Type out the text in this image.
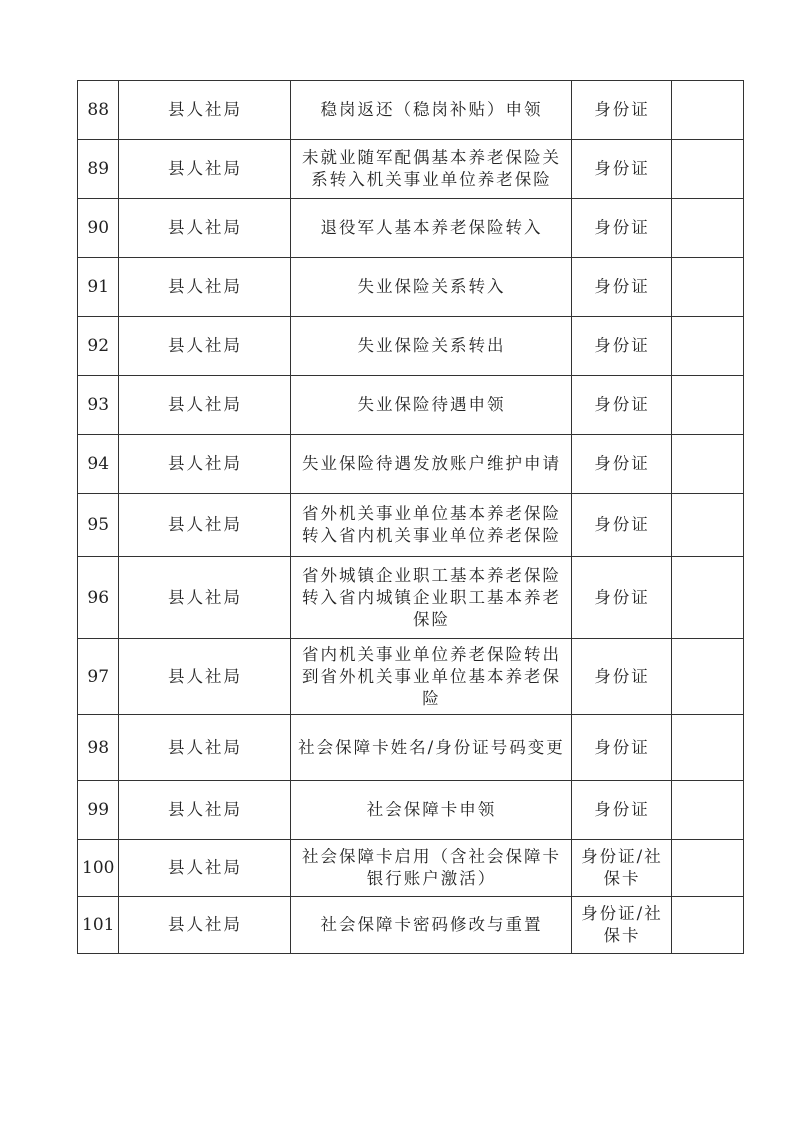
88	县人社局	稳岗返还（稳岗补贴）申领	身份证	
89	县人社局	未就业随军配偶基本养老保险关系转入机关事业单位养老保险	身份证	
90	县人社局	退役军人基本养老保险转入	身份证	
91	县人社局	失业保险关系转入	身份证	
92	县人社局	失业保险关系转出	身份证	
93	县人社局	失业保险待遇申领	身份证	
94	县人社局	失业保险待遇发放账户维护申请	身份证	
95	县人社局	省外机关事业单位基本养老保险转入省内机关事业单位养老保险	身份证	
96	县人社局	省外城镇企业职工基本养老保险转入省内城镇企业职工基本养老保险	身份证	
97	县人社局	省内机关事业单位养老保险转出到省外机关事业单位基本养老保险	身份证	
98	县人社局	社会保障卡姓名/身份证号码变更	身份证	
99	县人社局	社会保障卡申领	身份证	
100	县人社局	社会保障卡启用（含社会保障卡银行账户激活）	身份证/社保卡	
101	县人社局	社会保障卡密码修改与重置	身份证/社保卡	
